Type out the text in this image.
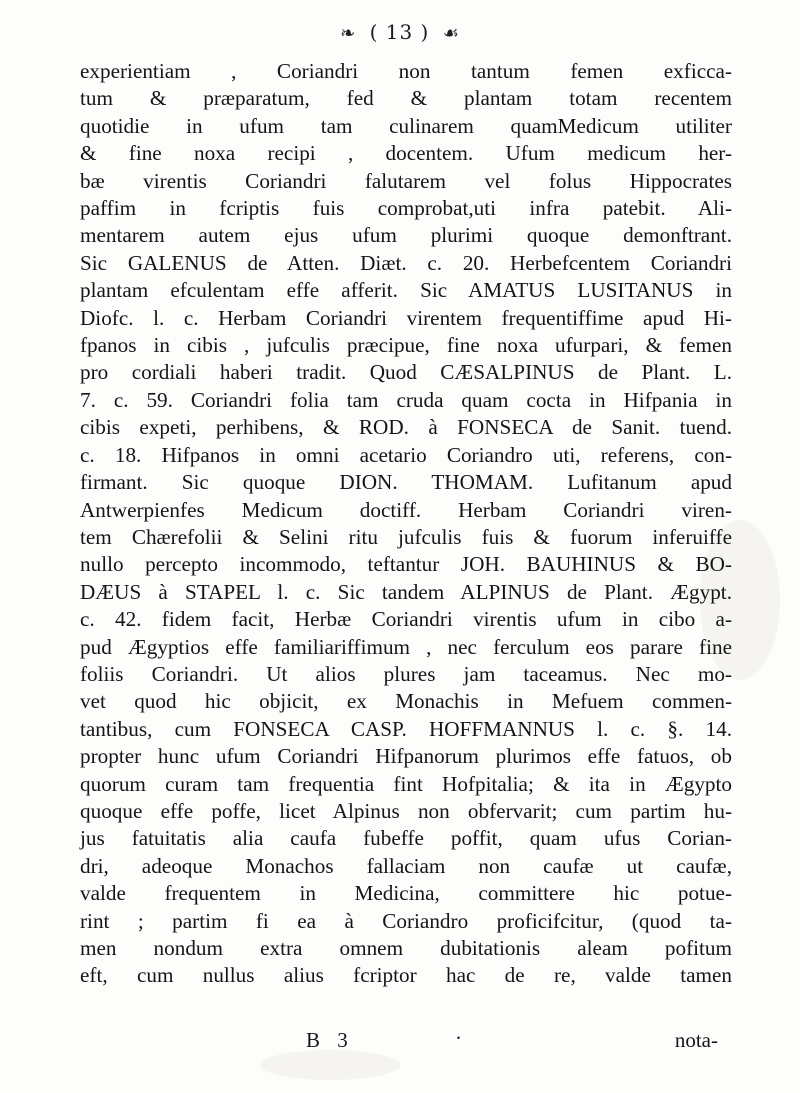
❧ ( 13 ) ☙
experientiam , Coriandri non tantum femen exficca-
tum & præparatum, fed & plantam totam recentem
quotidie in ufum tam culinarem quamMedicum utiliter
& fine noxa recipi , docentem. Ufum medicum her-
bæ virentis Coriandri falutarem vel folus Hippocrates
paffim in fcriptis fuis comprobat,uti infra patebit. Ali-
mentarem autem ejus ufum plurimi quoque demonftrant.
Sic GALENUS de Atten. Diæt. c. 20. Herbefcentem Coriandri
plantam efculentam effe afferit. Sic AMATUS LUSITANUS in
Diofc. l. c. Herbam Coriandri virentem frequentiffime apud Hi-
fpanos in cibis , jufculis præcipue, fine noxa ufurpari, & femen
pro cordiali haberi tradit. Quod CÆSALPINUS de Plant. L.
7. c. 59. Coriandri folia tam cruda quam cocta in Hifpania in
cibis expeti, perhibens, & ROD. à FONSECA de Sanit. tuend.
c. 18. Hifpanos in omni acetario Coriandro uti, referens, con-
firmant. Sic quoque DION. THOMAM. Lufitanum apud
Antwerpienfes Medicum doctiff. Herbam Coriandri viren-
tem Chærefolii & Selini ritu jufculis fuis & fuorum inferuiffe
nullo percepto incommodo, teftantur JOH. BAUHINUS & BO-
DÆUS à STAPEL l. c. Sic tandem ALPINUS de Plant. Ægypt.
c. 42. fidem facit, Herbæ Coriandri virentis ufum in cibo a-
pud Ægyptios effe familiariffimum , nec ferculum eos parare fine
foliis Coriandri. Ut alios plures jam taceamus. Nec mo-
vet quod hic objicit, ex Monachis in Mefuem commen-
tantibus, cum FONSECA CASP. HOFFMANNUS l. c. §. 14.
propter hunc ufum Coriandri Hifpanorum plurimos effe fatuos, ob
quorum curam tam frequentia fint Hofpitalia; & ita in Ægypto
quoque effe poffe, licet Alpinus non obfervarit; cum partim hu-
jus fatuitatis alia caufa fubeffe poffit, quam ufus Corian-
dri, adeoque Monachos fallaciam non caufæ ut caufæ,
valde frequentem in Medicina, committere hic potue-
rint ; partim fi ea à Coriandro proficifcitur, (quod ta-
men nondum extra omnem dubitationis aleam pofitum
eft, cum nullus alius fcriptor hac de re, valde tamen
B 3	·	nota-
